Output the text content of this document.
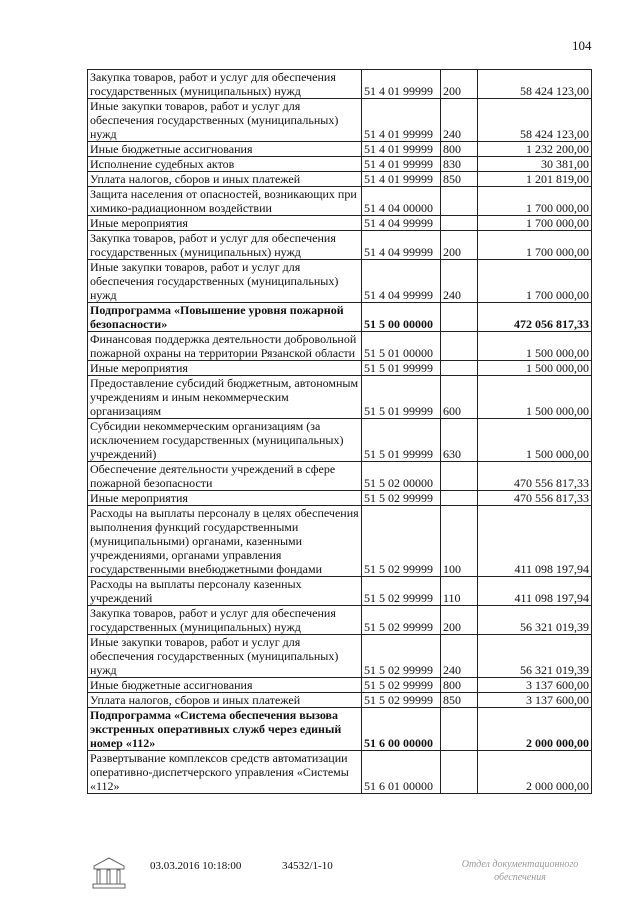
104
Закупка товаров, работ и услуг для обеспечения государственных (муниципальных) нужд	51 4 01 99999	200	58 424 123,00
Иные закупки товаров, работ и услуг для обеспечения государственных (муниципальных) нужд	51 4 01 99999	240	58 424 123,00
Иные бюджетные ассигнования	51 4 01 99999	800	1 232 200,00
Исполнение судебных актов	51 4 01 99999	830	30 381,00
Уплата налогов, сборов и иных платежей	51 4 01 99999	850	1 201 819,00
Защита населения от опасностей, возникающих при химико-радиационном воздействии	51 4 04 00000		1 700 000,00
Иные мероприятия	51 4 04 99999		1 700 000,00
Закупка товаров, работ и услуг для обеспечения государственных (муниципальных) нужд	51 4 04 99999	200	1 700 000,00
Иные закупки товаров, работ и услуг для обеспечения государственных (муниципальных) нужд	51 4 04 99999	240	1 700 000,00
Подпрограмма «Повышение уровня пожарной безопасности»	51 5 00 00000		472 056 817,33
Финансовая поддержка деятельности добровольной пожарной охраны на территории Рязанской области	51 5 01 00000		1 500 000,00
Иные мероприятия	51 5 01 99999		1 500 000,00
Предоставление субсидий бюджетным, автономным учреждениям и иным некоммерческим организациям	51 5 01 99999	600	1 500 000,00
Субсидии некоммерческим организациям (за исключением государственных (муниципальных) учреждений)	51 5 01 99999	630	1 500 000,00
Обеспечение деятельности учреждений в сфере пожарной безопасности	51 5 02 00000		470 556 817,33
Иные мероприятия	51 5 02 99999		470 556 817,33
Расходы на выплаты персоналу в целях обеспечения выполнения функций государственными (муниципальными) органами, казенными учреждениями, органами управления государственными внебюджетными фондами	51 5 02 99999	100	411 098 197,94
Расходы на выплаты персоналу казенных учреждений	51 5 02 99999	110	411 098 197,94
Закупка товаров, работ и услуг для обеспечения государственных (муниципальных) нужд	51 5 02 99999	200	56 321 019,39
Иные закупки товаров, работ и услуг для обеспечения государственных (муниципальных) нужд	51 5 02 99999	240	56 321 019,39
Иные бюджетные ассигнования	51 5 02 99999	800	3 137 600,00
Уплата налогов, сборов и иных платежей	51 5 02 99999	850	3 137 600,00
Подпрограмма «Система обеспечения вызова экстренных оперативных служб через единый номер «112»	51 6 00 00000		2 000 000,00
Развертывание комплексов средств автоматизации оперативно-диспетчерского управления «Системы «112»	51 6 01 00000		2 000 000,00
03.03.2016 10:18:00	34532/1-10	Отдел документационного
обеспечения
